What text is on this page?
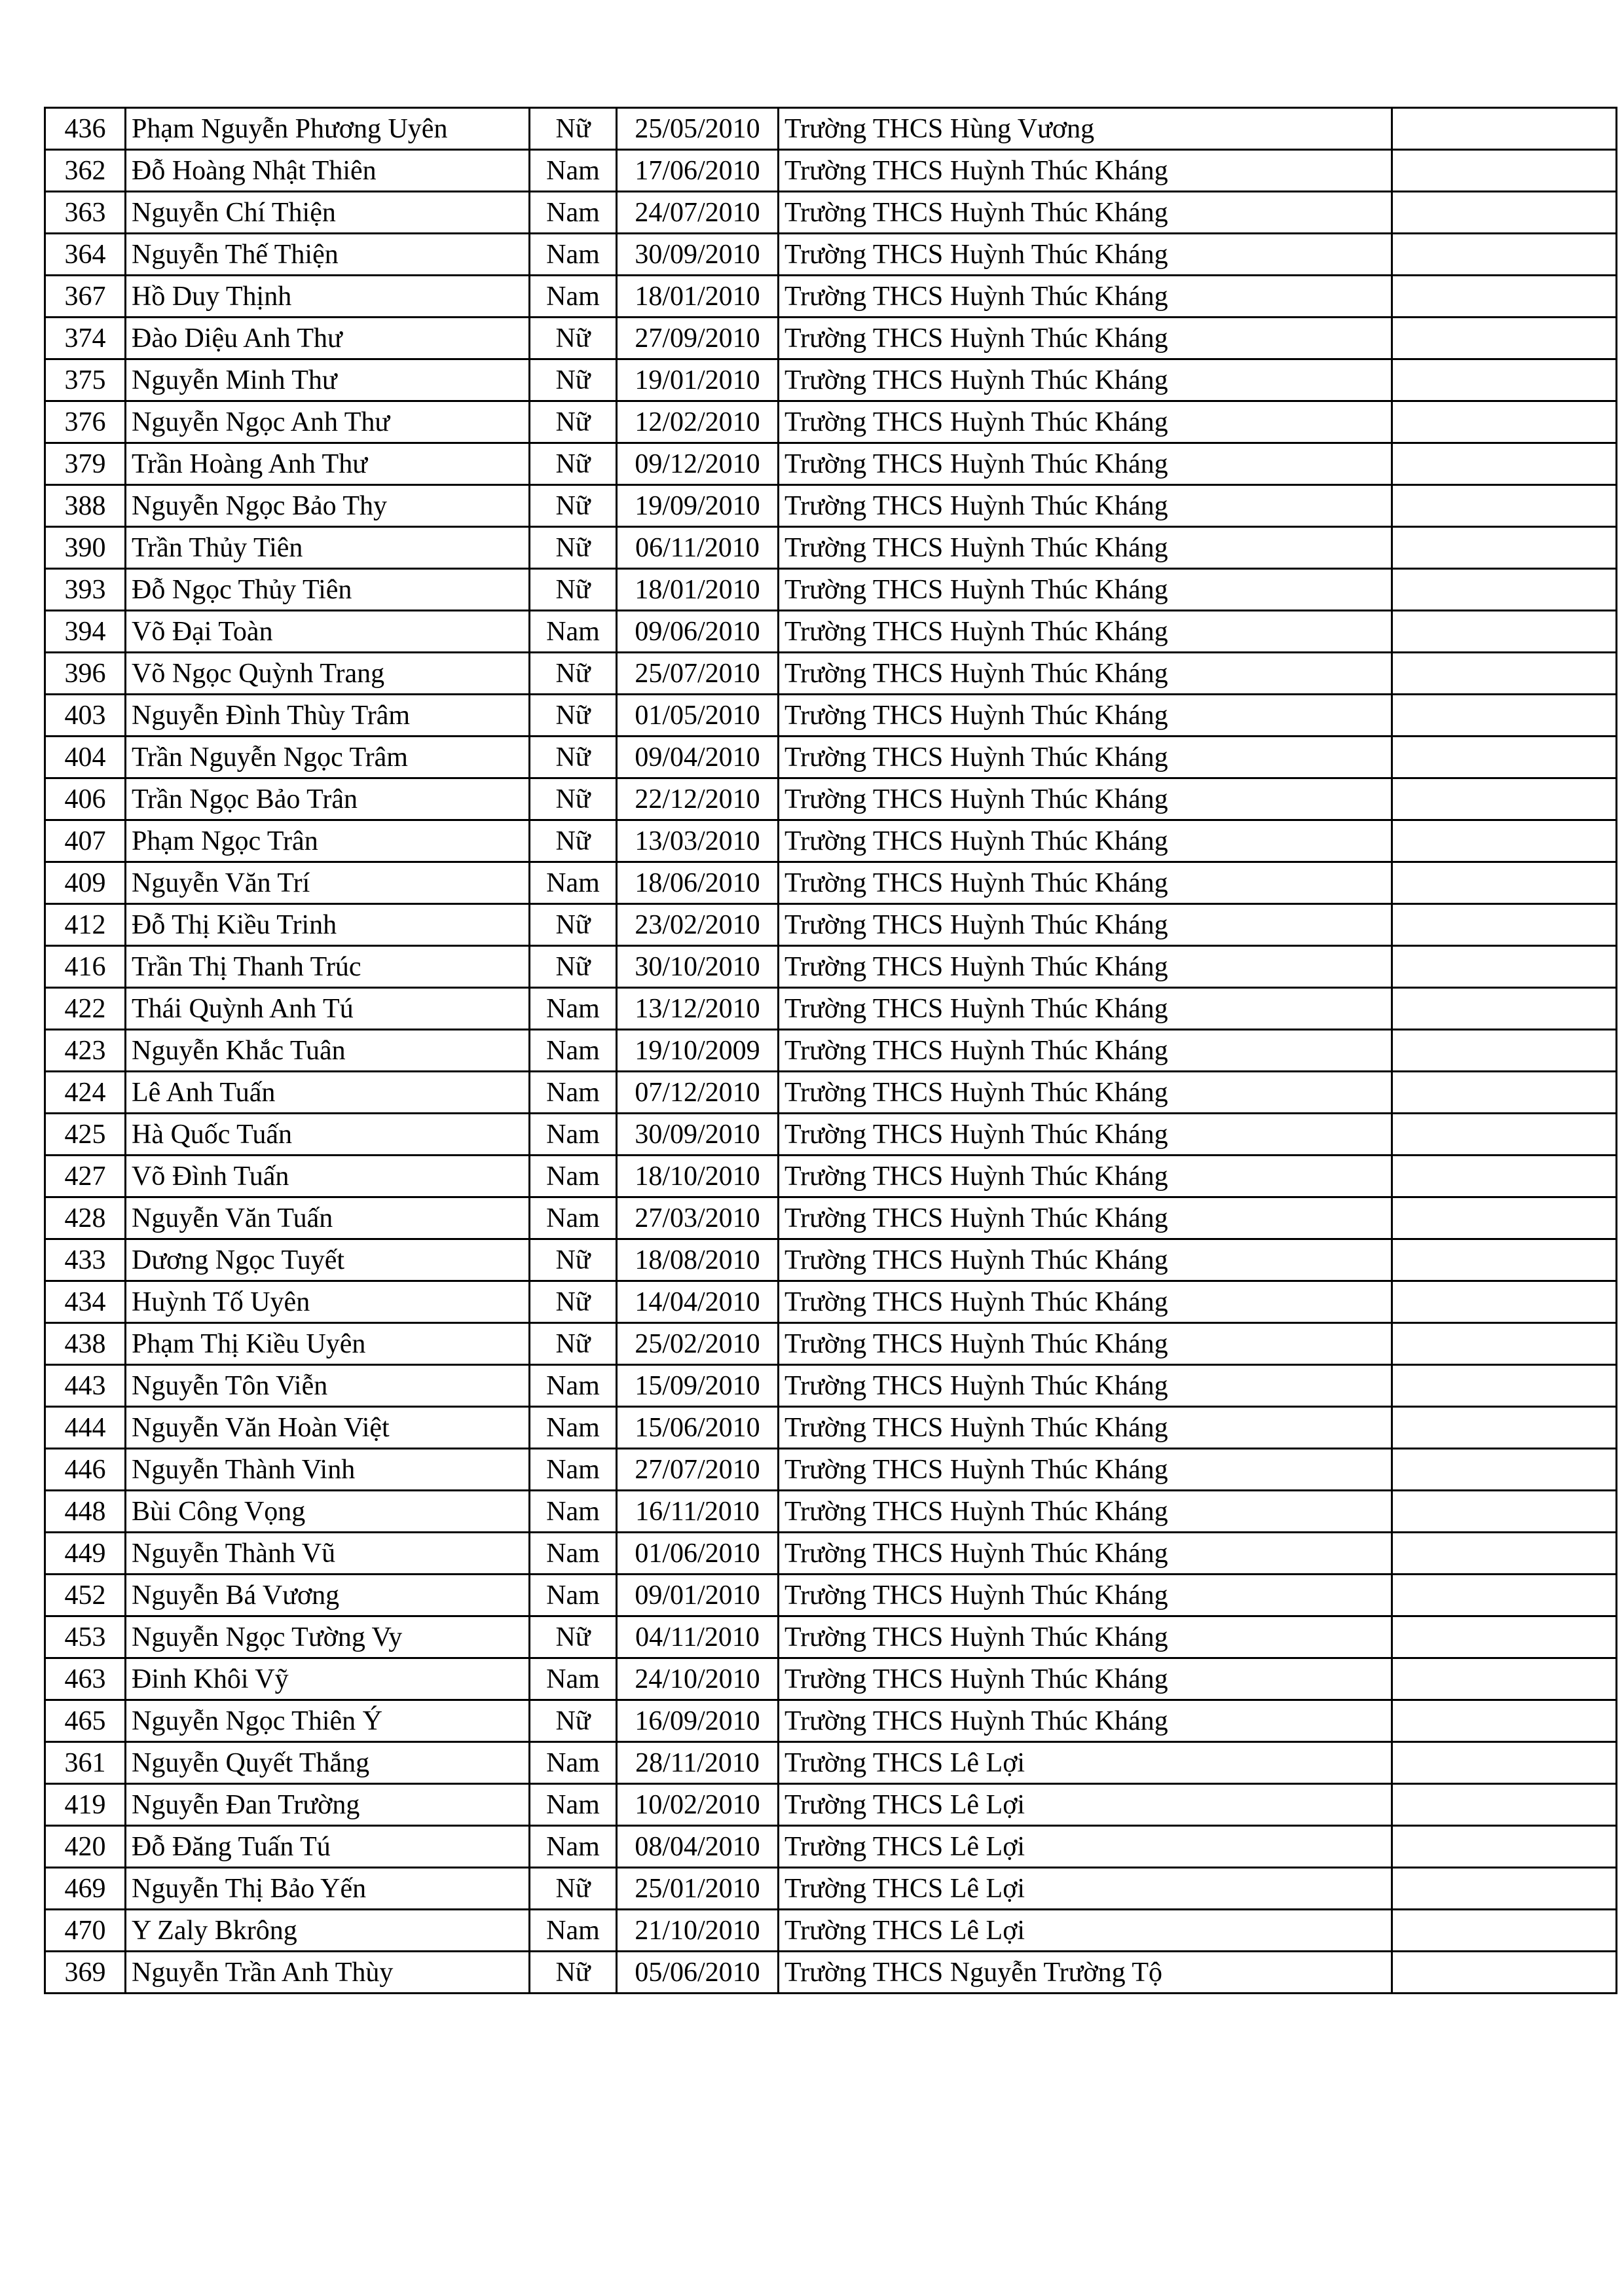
436	Phạm Nguyễn Phương Uyên	Nữ	25/05/2010	Trường THCS Hùng Vương	
362	Đỗ Hoàng Nhật Thiên	Nam	17/06/2010	Trường THCS Huỳnh Thúc Kháng	
363	Nguyễn Chí Thiện	Nam	24/07/2010	Trường THCS Huỳnh Thúc Kháng	
364	Nguyễn Thế Thiện	Nam	30/09/2010	Trường THCS Huỳnh Thúc Kháng	
367	Hồ Duy Thịnh	Nam	18/01/2010	Trường THCS Huỳnh Thúc Kháng	
374	Đào Diệu Anh Thư	Nữ	27/09/2010	Trường THCS Huỳnh Thúc Kháng	
375	Nguyễn Minh Thư	Nữ	19/01/2010	Trường THCS Huỳnh Thúc Kháng	
376	Nguyễn Ngọc Anh Thư	Nữ	12/02/2010	Trường THCS Huỳnh Thúc Kháng	
379	Trần Hoàng Anh Thư	Nữ	09/12/2010	Trường THCS Huỳnh Thúc Kháng	
388	Nguyễn Ngọc Bảo Thy	Nữ	19/09/2010	Trường THCS Huỳnh Thúc Kháng	
390	Trần Thủy Tiên	Nữ	06/11/2010	Trường THCS Huỳnh Thúc Kháng	
393	Đỗ Ngọc Thủy Tiên	Nữ	18/01/2010	Trường THCS Huỳnh Thúc Kháng	
394	Võ Đại Toàn	Nam	09/06/2010	Trường THCS Huỳnh Thúc Kháng	
396	Võ Ngọc Quỳnh Trang	Nữ	25/07/2010	Trường THCS Huỳnh Thúc Kháng	
403	Nguyễn Đình Thùy Trâm	Nữ	01/05/2010	Trường THCS Huỳnh Thúc Kháng	
404	Trần Nguyễn Ngọc Trâm	Nữ	09/04/2010	Trường THCS Huỳnh Thúc Kháng	
406	Trần Ngọc Bảo Trân	Nữ	22/12/2010	Trường THCS Huỳnh Thúc Kháng	
407	Phạm Ngọc Trân	Nữ	13/03/2010	Trường THCS Huỳnh Thúc Kháng	
409	Nguyễn Văn Trí	Nam	18/06/2010	Trường THCS Huỳnh Thúc Kháng	
412	Đỗ Thị Kiều Trinh	Nữ	23/02/2010	Trường THCS Huỳnh Thúc Kháng	
416	Trần Thị Thanh Trúc	Nữ	30/10/2010	Trường THCS Huỳnh Thúc Kháng	
422	Thái Quỳnh Anh Tú	Nam	13/12/2010	Trường THCS Huỳnh Thúc Kháng	
423	Nguyễn Khắc Tuân	Nam	19/10/2009	Trường THCS Huỳnh Thúc Kháng	
424	Lê Anh Tuấn	Nam	07/12/2010	Trường THCS Huỳnh Thúc Kháng	
425	Hà Quốc Tuấn	Nam	30/09/2010	Trường THCS Huỳnh Thúc Kháng	
427	Võ Đình Tuấn	Nam	18/10/2010	Trường THCS Huỳnh Thúc Kháng	
428	Nguyễn Văn Tuấn	Nam	27/03/2010	Trường THCS Huỳnh Thúc Kháng	
433	Dương Ngọc Tuyết	Nữ	18/08/2010	Trường THCS Huỳnh Thúc Kháng	
434	Huỳnh Tố Uyên	Nữ	14/04/2010	Trường THCS Huỳnh Thúc Kháng	
438	Phạm Thị Kiều Uyên	Nữ	25/02/2010	Trường THCS Huỳnh Thúc Kháng	
443	Nguyễn Tôn Viễn	Nam	15/09/2010	Trường THCS Huỳnh Thúc Kháng	
444	Nguyễn Văn Hoàn Việt	Nam	15/06/2010	Trường THCS Huỳnh Thúc Kháng	
446	Nguyễn Thành Vinh	Nam	27/07/2010	Trường THCS Huỳnh Thúc Kháng	
448	Bùi Công Vọng	Nam	16/11/2010	Trường THCS Huỳnh Thúc Kháng	
449	Nguyễn Thành Vũ	Nam	01/06/2010	Trường THCS Huỳnh Thúc Kháng	
452	Nguyễn Bá Vương	Nam	09/01/2010	Trường THCS Huỳnh Thúc Kháng	
453	Nguyễn Ngọc Tường Vy	Nữ	04/11/2010	Trường THCS Huỳnh Thúc Kháng	
463	Đinh Khôi Vỹ	Nam	24/10/2010	Trường THCS Huỳnh Thúc Kháng	
465	Nguyễn Ngọc Thiên Ý	Nữ	16/09/2010	Trường THCS Huỳnh Thúc Kháng	
361	Nguyễn Quyết Thắng	Nam	28/11/2010	Trường THCS Lê Lợi	
419	Nguyễn Đan Trường	Nam	10/02/2010	Trường THCS Lê Lợi	
420	Đỗ Đăng Tuấn Tú	Nam	08/04/2010	Trường THCS Lê Lợi	
469	Nguyễn Thị Bảo Yến	Nữ	25/01/2010	Trường THCS Lê Lợi	
470	Y Zaly Bkrông	Nam	21/10/2010	Trường THCS Lê Lợi	
369	Nguyễn Trần Anh Thùy	Nữ	05/06/2010	Trường THCS Nguyễn Trường Tộ	
